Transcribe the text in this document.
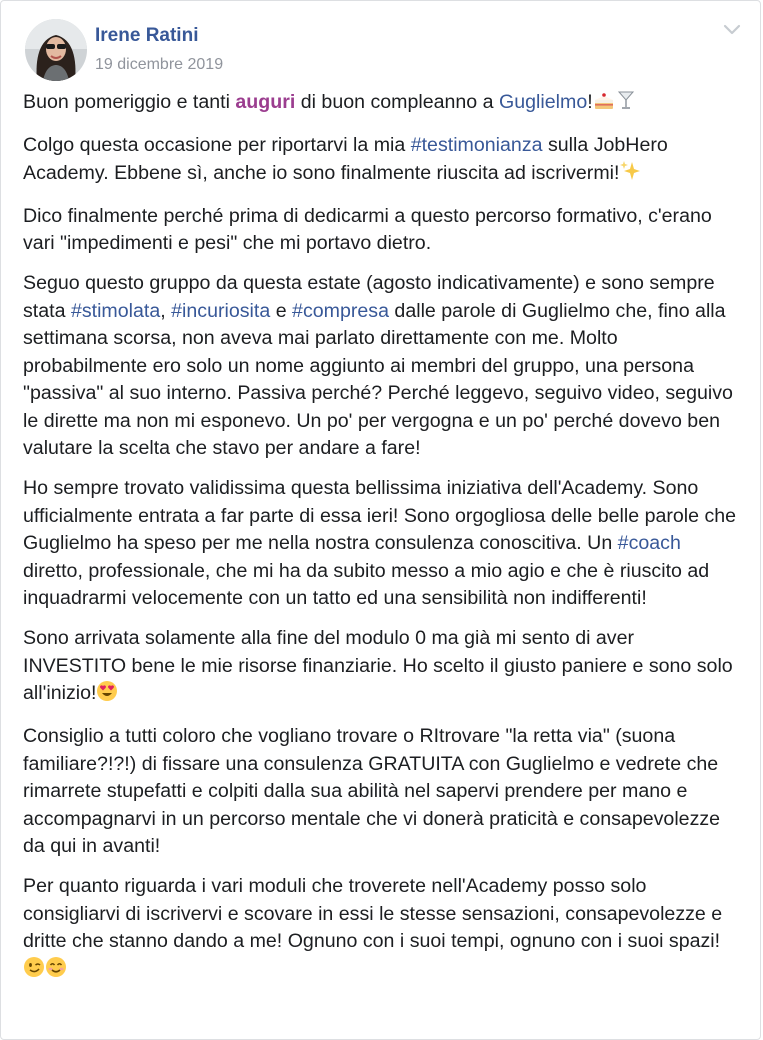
Irene Ratini
19 dicembre 2019

Buon pomeriggio e tanti auguri di buon compleanno a Guglielmo!

Colgo questa occasione per riportarvi la mia #testimonianza sulla JobHero Academy. Ebbene sì, anche io sono finalmente riuscita ad iscrivermi!

Dico finalmente perché prima di dedicarmi a questo percorso formativo, c'erano vari "impedimenti e pesi" che mi portavo dietro.

Seguo questo gruppo da questa estate (agosto indicativamente) e sono sempre stata #stimolata, #incuriosita e #compresa dalle parole di Guglielmo che, fino alla settimana scorsa, non aveva mai parlato direttamente con me. Molto probabilmente ero solo un nome aggiunto ai membri del gruppo, una persona "passiva" al suo interno. Passiva perché? Perché leggevo, seguivo video, seguivo le dirette ma non mi esponevo. Un po' per vergogna e un po' perché dovevo ben valutare la scelta che stavo per andare a fare!

Ho sempre trovato validissima questa bellissima iniziativa dell'Academy. Sono ufficialmente entrata a far parte di essa ieri! Sono orgogliosa delle belle parole che Guglielmo ha speso per me nella nostra consulenza conoscitiva. Un #coach diretto, professionale, che mi ha da subito messo a mio agio e che è riuscito ad inquadrarmi velocemente con un tatto ed una sensibilità non indifferenti!

Sono arrivata solamente alla fine del modulo 0 ma già mi sento di aver INVESTITO bene le mie risorse finanziarie. Ho scelto il giusto paniere e sono solo all'inizio!

Consiglio a tutti coloro che vogliano trovare o RItrovare "la retta via" (suona familiare?!?!) di fissare una consulenza GRATUITA con Guglielmo e vedrete che rimarrete stupefatti e colpiti dalla sua abilità nel sapervi prendere per mano e accompagnarvi in un percorso mentale che vi donerà praticità e consapevolezze da qui in avanti!

Per quanto riguarda i vari moduli che troverete nell'Academy posso solo consigliarvi di iscrivervi e scovare in essi le stesse sensazioni, consapevolezze e dritte che stanno dando a me! Ognuno con i suoi tempi, ognuno con i suoi spazi!
